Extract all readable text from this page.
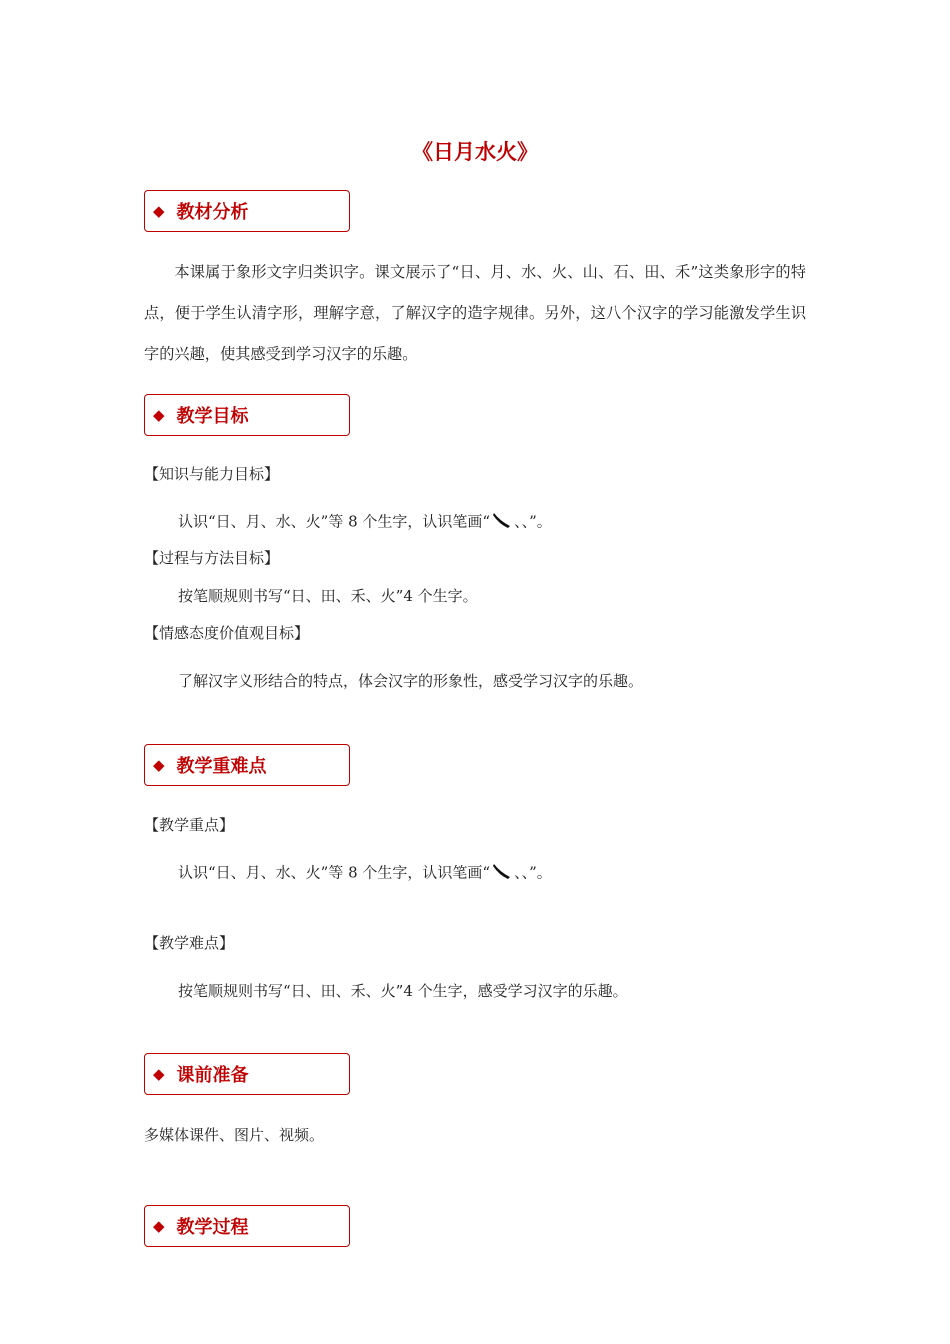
《日月水火》
◆ 教材分析
本课属于象形文字归类识字。课文展示了“日、月、水、火、山、石、田、禾”这类象形字的特点，便于学生认清字形，理解字意，了解汉字的造字规律。另外，这八个汉字的学习能激发学生识字的兴趣，使其感受到学习汉字的乐趣。
◆ 教学目标
【知识与能力目标】
认识“日、月、水、火”等 8 个生字，认识笔画“ 、、”。
【过程与方法目标】
按笔顺规则书写“日、田、禾、火”4 个生字。
【情感态度价值观目标】
了解汉字义形结合的特点，体会汉字的形象性，感受学习汉字的乐趣。
◆ 教学重难点
【教学重点】
认识“日、月、水、火”等 8 个生字，认识笔画“ 、、”。
【教学难点】
按笔顺规则书写“日、田、禾、火”4 个生字，感受学习汉字的乐趣。
◆ 课前准备
多媒体课件、图片、视频。
◆ 教学过程
